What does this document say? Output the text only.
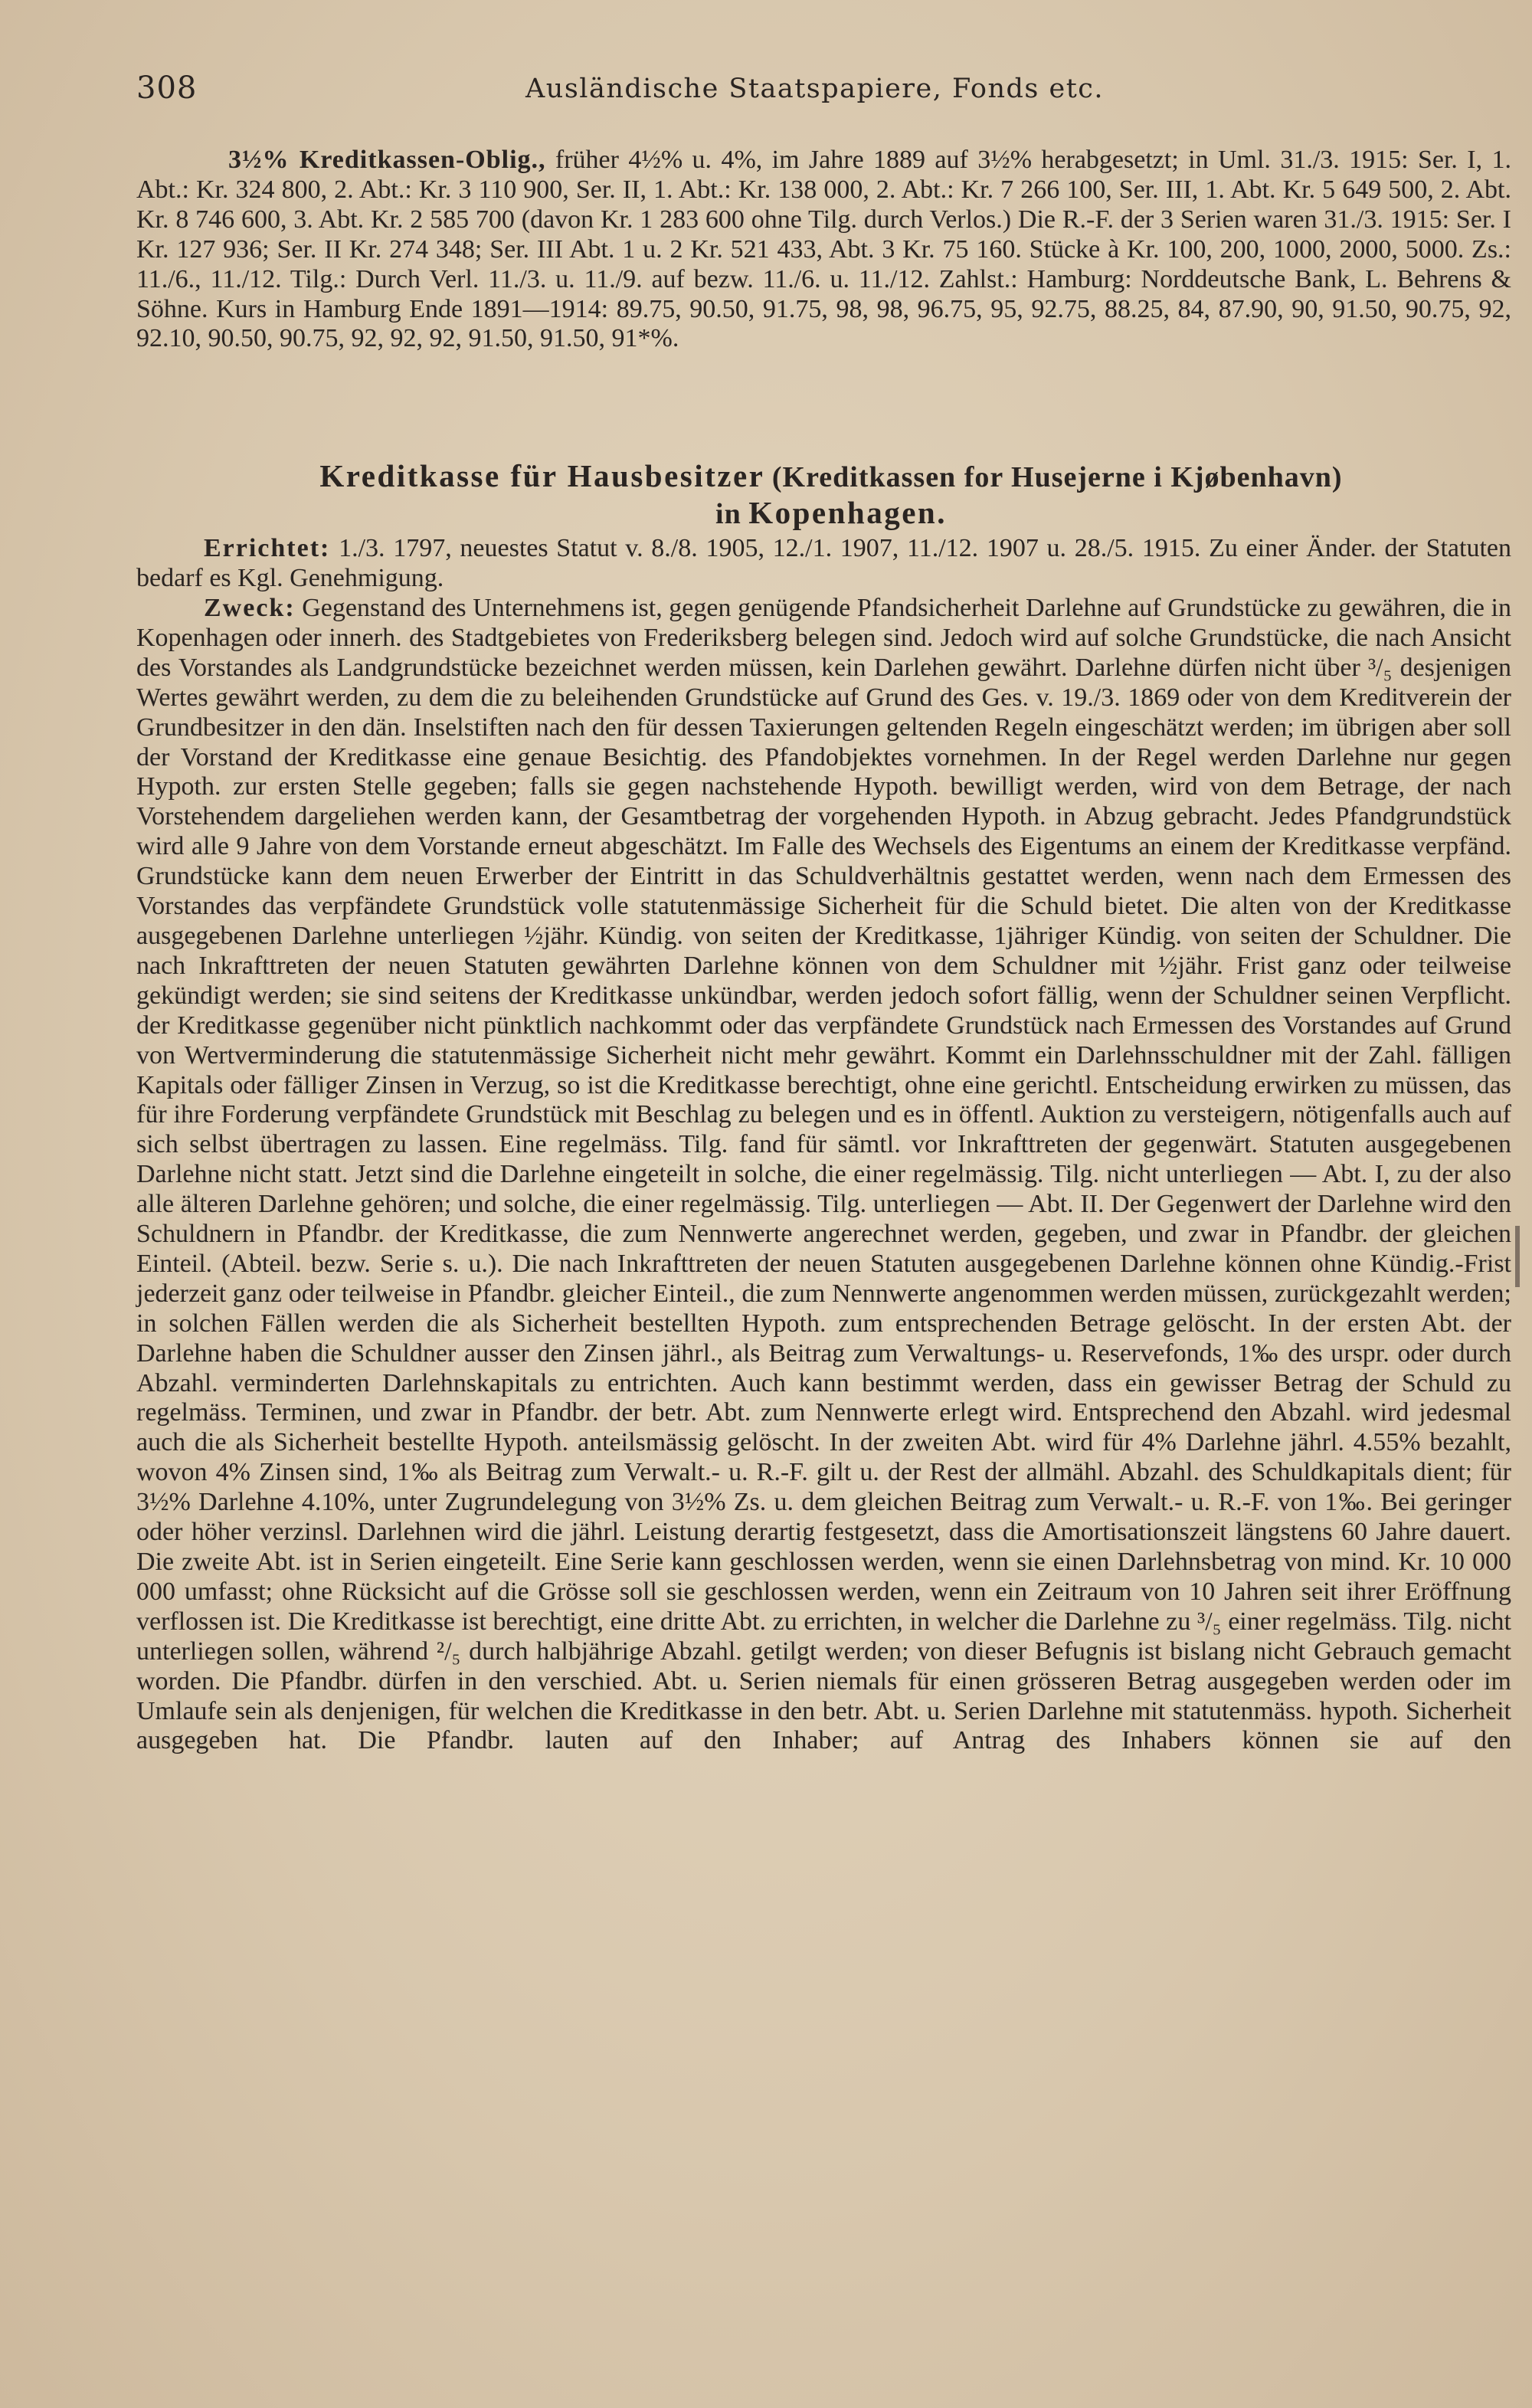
308	Ausländische Staatspapiere, Fonds etc.

3½% Kreditkassen-Oblig., früher 4½% u. 4%, im Jahre 1889 auf 3½% herabgesetzt; in Uml. 31./3. 1915: Ser. I, 1. Abt.: Kr. 324 800, 2. Abt.: Kr. 3 110 900, Ser. II, 1. Abt.: Kr. 138 000, 2. Abt.: Kr. 7 266 100, Ser. III, 1. Abt. Kr. 5 649 500, 2. Abt. Kr. 8 746 600, 3. Abt. Kr. 2 585 700 (davon Kr. 1 283 600 ohne Tilg. durch Verlos.) Die R.-F. der 3 Serien waren 31./3. 1915: Ser. I Kr. 127 936; Ser. II Kr. 274 348; Ser. III Abt. 1 u. 2 Kr. 521 433, Abt. 3 Kr. 75 160. Stücke à Kr. 100, 200, 1000, 2000, 5000. Zs.: 11./6., 11./12. Tilg.: Durch Verl. 11./3. u. 11./9. auf bezw. 11./6. u. 11./12. Zahlst.: Hamburg: Norddeutsche Bank, L. Behrens & Söhne. Kurs in Hamburg Ende 1891—1914: 89.75, 90.50, 91.75, 98, 98, 96.75, 95, 92.75, 88.25, 84, 87.90, 90, 91.50, 90.75, 92, 92.10, 90.50, 90.75, 92, 92, 92, 91.50, 91.50, 91*%.

Kreditkasse für Hausbesitzer (Kreditkassen for Husejerne i Kjøbenhavn)
in Kopenhagen.

Errichtet: 1./3. 1797, neuestes Statut v. 8./8. 1905, 12./1. 1907, 11./12. 1907 u. 28./5. 1915. Zu einer Änder. der Statuten bedarf es Kgl. Genehmigung.

Zweck: Gegenstand des Unternehmens ist, gegen genügende Pfandsicherheit Darlehne auf Grundstücke zu gewähren, die in Kopenhagen oder innerh. des Stadtgebietes von Frederiksberg belegen sind. Jedoch wird auf solche Grundstücke, die nach Ansicht des Vorstandes als Landgrundstücke bezeichnet werden müssen, kein Darlehen gewährt. Darlehne dürfen nicht über ³/₅ desjenigen Wertes gewährt werden, zu dem die zu beleihenden Grundstücke auf Grund des Ges. v. 19./3. 1869 oder von dem Kreditverein der Grundbesitzer in den dän. Inselstiften nach den für dessen Taxierungen geltenden Regeln eingeschätzt werden; im übrigen aber soll der Vorstand der Kreditkasse eine genaue Besichtig. des Pfandobjektes vornehmen. In der Regel werden Darlehne nur gegen Hypoth. zur ersten Stelle gegeben; falls sie gegen nachstehende Hypoth. bewilligt werden, wird von dem Betrage, der nach Vorstehendem dargeliehen werden kann, der Gesamtbetrag der vorgehenden Hypoth. in Abzug gebracht. Jedes Pfandgrundstück wird alle 9 Jahre von dem Vorstande erneut abgeschätzt. Im Falle des Wechsels des Eigentums an einem der Kreditkasse verpfänd. Grundstücke kann dem neuen Erwerber der Eintritt in das Schuldverhältnis gestattet werden, wenn nach dem Ermessen des Vorstandes das verpfändete Grundstück volle statutenmässige Sicherheit für die Schuld bietet. Die alten von der Kreditkasse ausgegebenen Darlehne unterliegen ½jähr. Kündig. von seiten der Kreditkasse, 1jähriger Kündig. von seiten der Schuldner. Die nach Inkrafttreten der neuen Statuten gewährten Darlehne können von dem Schuldner mit ½jähr. Frist ganz oder teilweise gekündigt werden; sie sind seitens der Kreditkasse unkündbar, werden jedoch sofort fällig, wenn der Schuldner seinen Verpflicht. der Kreditkasse gegenüber nicht pünktlich nachkommt oder das verpfändete Grundstück nach Ermessen des Vorstandes auf Grund von Wertverminderung die statutenmässige Sicherheit nicht mehr gewährt. Kommt ein Darlehnsschuldner mit der Zahl. fälligen Kapitals oder fälliger Zinsen in Verzug, so ist die Kreditkasse berechtigt, ohne eine gerichtl. Entscheidung erwirken zu müssen, das für ihre Forderung verpfändete Grundstück mit Beschlag zu belegen und es in öffentl. Auktion zu versteigern, nötigenfalls auch auf sich selbst übertragen zu lassen. Eine regelmäss. Tilg. fand für sämtl. vor Inkrafttreten der gegenwärt. Statuten ausgegebenen Darlehne nicht statt. Jetzt sind die Darlehne eingeteilt in solche, die einer regelmässig. Tilg. nicht unterliegen — Abt. I, zu der also alle älteren Darlehne gehören; und solche, die einer regelmässig. Tilg. unterliegen — Abt. II. Der Gegenwert der Darlehne wird den Schuldnern in Pfandbr. der Kreditkasse, die zum Nennwerte angerechnet werden, gegeben, und zwar in Pfandbr. der gleichen Einteil. (Abteil. bezw. Serie s. u.). Die nach Inkrafttreten der neuen Statuten ausgegebenen Darlehne können ohne Kündig.-Frist jederzeit ganz oder teilweise in Pfandbr. gleicher Einteil., die zum Nennwerte angenommen werden müssen, zurückgezahlt werden; in solchen Fällen werden die als Sicherheit bestellten Hypoth. zum entsprechenden Betrage gelöscht. In der ersten Abt. der Darlehne haben die Schuldner ausser den Zinsen jährl., als Beitrag zum Verwaltungs- u. Reservefonds, 1‰ des urspr. oder durch Abzahl. verminderten Darlehnskapitals zu entrichten. Auch kann bestimmt werden, dass ein gewisser Betrag der Schuld zu regelmäss. Terminen, und zwar in Pfandbr. der betr. Abt. zum Nennwerte erlegt wird. Entsprechend den Abzahl. wird jedesmal auch die als Sicherheit bestellte Hypoth. anteilsmässig gelöscht. In der zweiten Abt. wird für 4% Darlehne jährl. 4.55% bezahlt, wovon 4% Zinsen sind, 1‰ als Beitrag zum Verwalt.- u. R.-F. gilt u. der Rest der allmähl. Abzahl. des Schuldkapitals dient; für 3½% Darlehne 4.10%, unter Zugrundelegung von 3½% Zs. u. dem gleichen Beitrag zum Verwalt.- u. R.-F. von 1‰. Bei geringer oder höher verzinsl. Darlehnen wird die jährl. Leistung derartig festgesetzt, dass die Amortisationszeit längstens 60 Jahre dauert. Die zweite Abt. ist in Serien eingeteilt. Eine Serie kann geschlossen werden, wenn sie einen Darlehnsbetrag von mind. Kr. 10 000 000 umfasst; ohne Rücksicht auf die Grösse soll sie geschlossen werden, wenn ein Zeitraum von 10 Jahren seit ihrer Eröffnung verflossen ist. Die Kreditkasse ist berechtigt, eine dritte Abt. zu errichten, in welcher die Darlehne zu ³/₅ einer regelmäss. Tilg. nicht unterliegen sollen, während ²/₅ durch halbjährige Abzahl. getilgt werden; von dieser Befugnis ist bislang nicht Gebrauch gemacht worden. Die Pfandbr. dürfen in den verschied. Abt. u. Serien niemals für einen grösseren Betrag ausgegeben werden oder im Umlaufe sein als denjenigen, für welchen die Kreditkasse in den betr. Abt. u. Serien Darlehne mit statutenmäss. hypoth. Sicherheit ausgegeben hat. Die Pfandbr. lauten auf den Inhaber; auf Antrag des Inhabers können sie auf den
